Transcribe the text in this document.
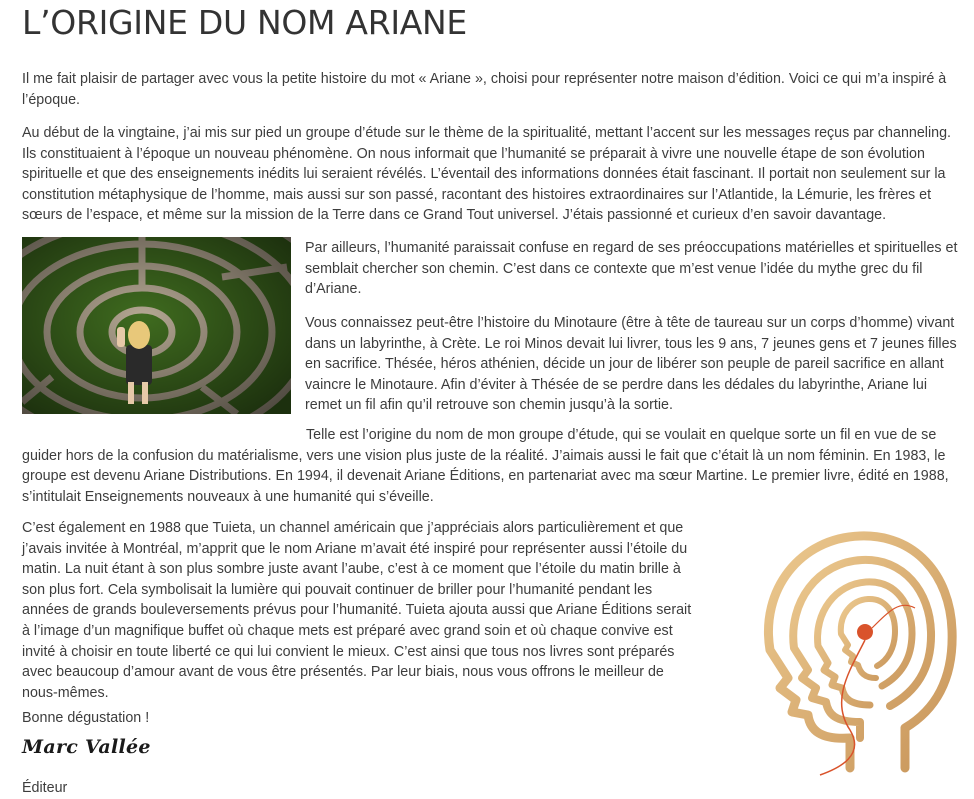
L’ORIGINE DU NOM ARIANE

Il me fait plaisir de partager avec vous la petite histoire du mot « Ariane », choisi pour représenter notre maison d’édition. Voici ce qui m’a inspiré à l’époque.

Au début de la vingtaine, j’ai mis sur pied un groupe d’étude sur le thème de la spiritualité, mettant l’accent sur les messages reçus par channeling. Ils constituaient à l’époque un nouveau phénomène. On nous informait que l’humanité se préparait à vivre une nouvelle étape de son évolution spirituelle et que des enseignements inédits lui seraient révélés. L’éventail des informations données était fascinant. Il portait non seulement sur la constitution métaphysique de l’homme, mais aussi sur son passé, racontant des histoires extraordinaires sur l’Atlantide, la Lémurie, les frères et sœurs de l’espace, et même sur la mission de la Terre dans ce Grand Tout universel. J’étais passionné et curieux d’en savoir davantage.

Par ailleurs, l’humanité paraissait confuse en regard de ses préoccupations matérielles et spirituelles et semblait chercher son chemin. C’est dans ce contexte que m’est venue l’idée du mythe grec du fil d’Ariane.

Vous connaissez peut-être l’histoire du Minotaure (être à tête de taureau sur un corps d’homme) vivant dans un labyrinthe, à Crète. Le roi Minos devait lui livrer, tous les 9 ans, 7 jeunes gens et 7 jeunes filles en sacrifice. Thésée, héros athénien, décide un jour de libérer son peuple de pareil sacrifice en allant vaincre le Minotaure. Afin d’éviter à Thésée de se perdre dans les dédales du labyrinthe, Ariane lui remet un fil afin qu’il retrouve son chemin jusqu’à la sortie.

Telle est l’origine du nom de mon groupe d’étude, qui se voulait en quelque sorte un fil en vue de se guider hors de la confusion du matérialisme, vers une vision plus juste de la réalité. J’aimais aussi le fait que c’était là un nom féminin. En 1983, le groupe est devenu Ariane Distributions. En 1994, il devenait Ariane Éditions, en partenariat avec ma sœur Martine. Le premier livre, édité en 1988, s’intitulait Enseignements nouveaux à une humanité qui s’éveille.

C’est également en 1988 que Tuieta, un channel américain que j’appréciais alors particulièrement et que j’avais invitée à Montréal, m’apprit que le nom Ariane m’avait été inspiré pour représenter aussi l’étoile du matin. La nuit étant à son plus sombre juste avant l’aube, c’est à ce moment que l’étoile du matin brille à son plus fort. Cela symbolisait la lumière qui pouvait continuer de briller pour l’humanité pendant les années de grands bouleversements prévus pour l’humanité. Tuieta ajouta aussi que Ariane Éditions serait à l’image d’un magnifique buffet où chaque mets est préparé avec grand soin et où chaque convive est invité à choisir en toute liberté ce qui lui convient le mieux. C’est ainsi que tous nos livres sont préparés avec beaucoup d’amour avant de vous être présentés. Par leur biais, nous vous offrons le meilleur de nous-mêmes.

Bonne dégustation !

Marc Vallée

Éditeur
